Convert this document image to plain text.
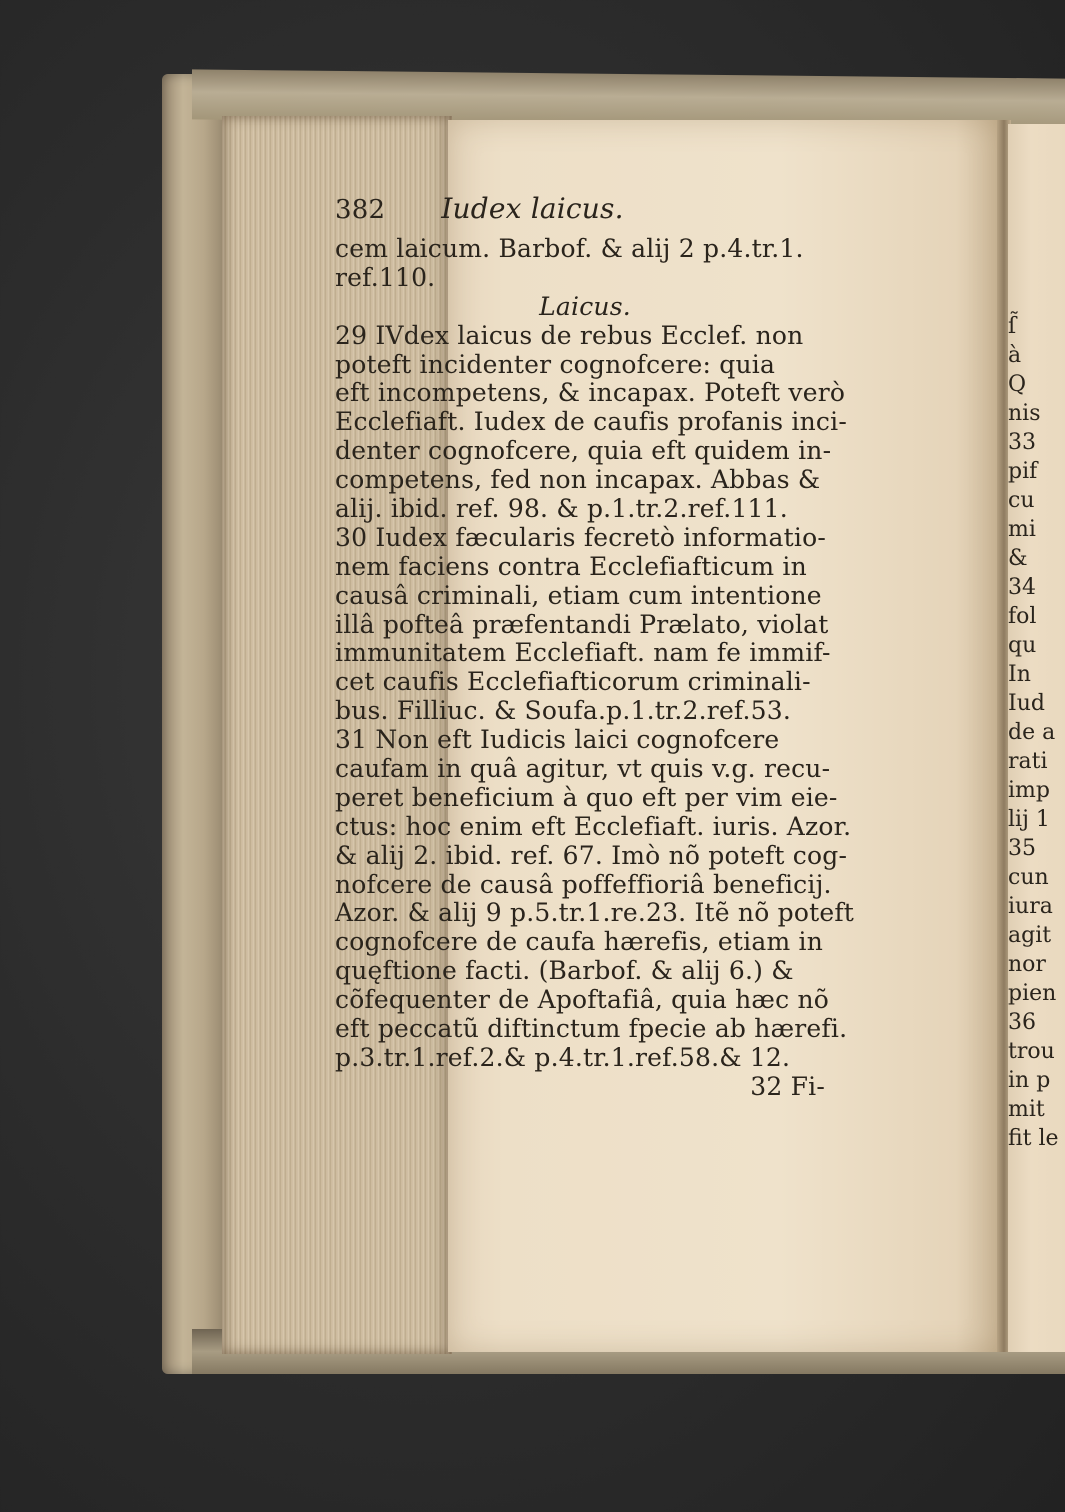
ſ̃
à
Q
nis
33
pif
cu
mi
&
34
fol
qu
In
Iud
de a
rati
imp
lij 1
35
cun
iura
agit
nor
pien
36
trou
in p
mit
fit le
382 Iudex laicus.
cem laicum. Barbof. & alij 2 p.4.tr.1.
ref.110.
Laicus.
29 IVdex laicus de rebus Ecclef. non
poteft incidenter cognofcere: quia
eft incompetens, & incapax. Poteft verò
Ecclefiaft. Iudex de caufis profanis inci-
denter cognofcere, quia eft quidem in-
competens, fed non incapax. Abbas &
alij. ibid. ref. 98. & p.1.tr.2.ref.111.
30 Iudex fæcularis fecretò informatio-
nem faciens contra Ecclefiafticum in
causâ criminali, etiam cum intentione
illâ pofteâ præfentandi Prælato, violat
immunitatem Ecclefiaft. nam fe immif-
cet caufis Ecclefiafticorum criminali-
bus. Filliuc. & Soufa.p.1.tr.2.ref.53.
31 Non eft Iudicis laici cognofcere
caufam in quâ agitur, vt quis v.g. recu-
peret beneficium à quo eft per vim eie-
ctus: hoc enim eft Ecclefiaft. iuris. Azor.
& alij 2. ibid. ref. 67. Imò nõ poteft cog-
nofcere de causâ poffeffioriâ beneficij.
Azor. & alij 9 p.5.tr.1.re.23. Itẽ nõ poteft
cognofcere de caufa hærefis, etiam in
quęftione facti. (Barbof. & alij 6.) &
cõfequenter de Apoftafiâ, quia hæc nõ
eft peccatũ diftinctum fpecie ab hærefi.
p.3.tr.1.ref.2.& p.4.tr.1.ref.58.& 12.
32 Fi-
